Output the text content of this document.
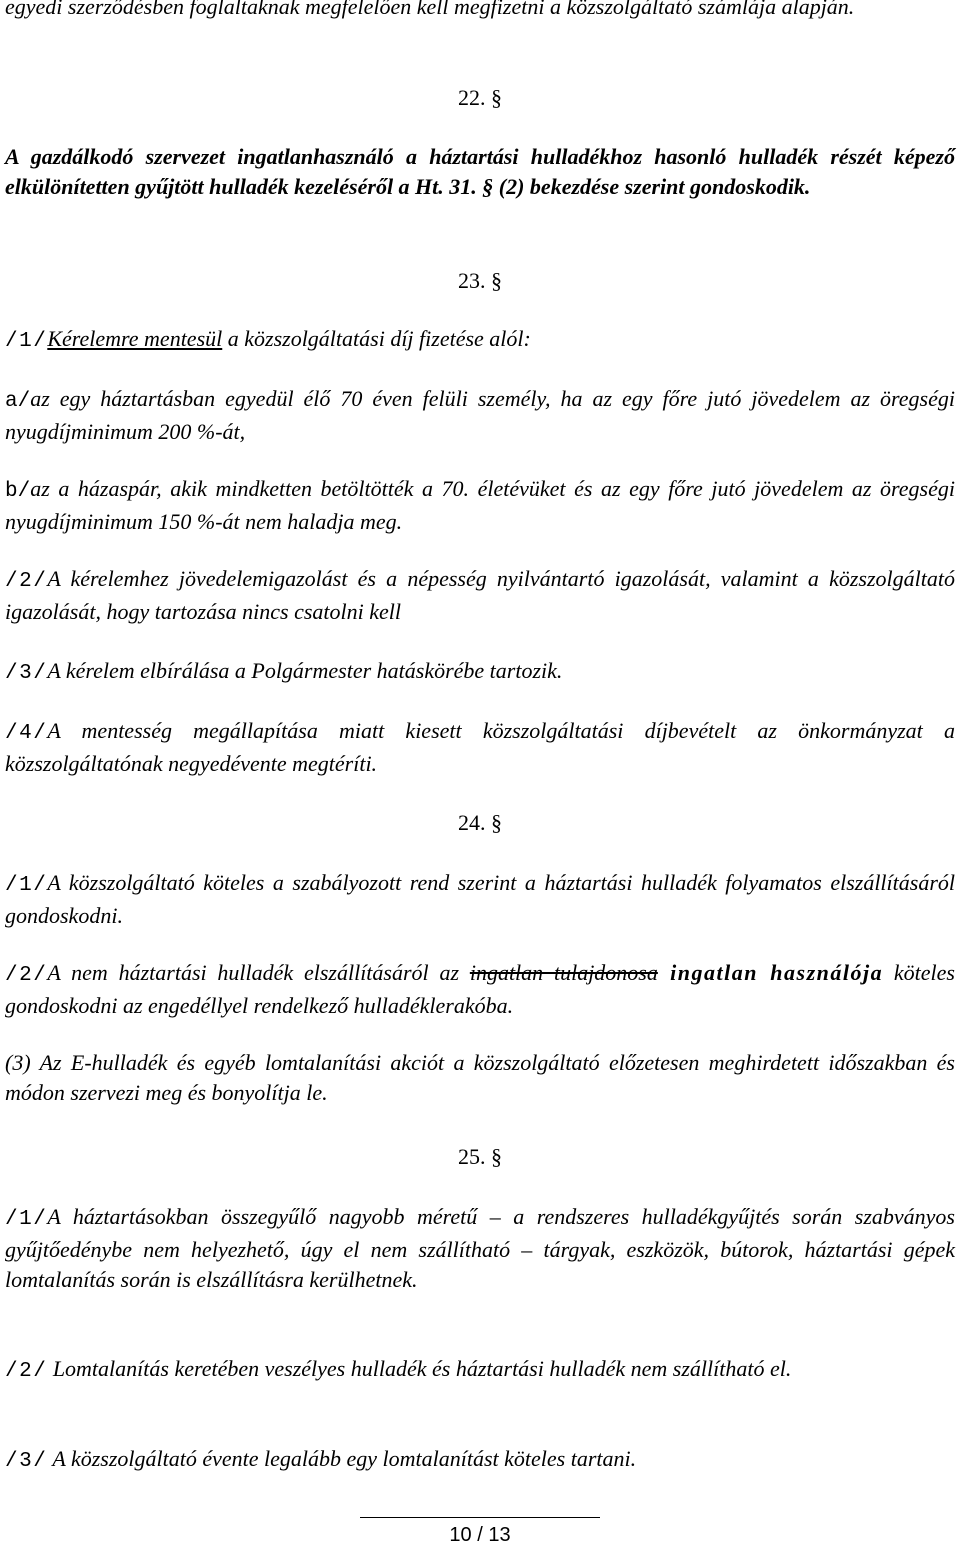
egyedi szerződésben foglaltaknak megfelelően kell megfizetni a közszolgáltató számlája alapján.

22. §

A gazdálkodó szervezet ingatlanhasználó a háztartási hulladékhoz hasonló hulladék részét képező elkülönítetten gyűjtött hulladék kezeléséről a Ht. 31. § (2) bekezdése szerint gondoskodik.

23. §

/1/Kérelemre mentesül a közszolgáltatási díj fizetése alól:

a/az egy háztartásban egyedül élő 70 éven felüli személy, ha az egy főre jutó jövedelem az öregségi nyugdíjminimum 200 %-át,

b/az a házaspár, akik mindketten betöltötték a 70. életévüket és az egy főre jutó jövedelem az öregségi nyugdíjminimum 150 %-át nem haladja meg.

/2/A kérelemhez jövedelemigazolást és a népesség nyilvántartó igazolását, valamint a közszolgáltató igazolását, hogy tartozása nincs csatolni kell

/3/A kérelem elbírálása a Polgármester hatáskörébe tartozik.

/4/A mentesség megállapítása miatt kiesett közszolgáltatási díjbevételt az önkormányzat a közszolgáltatónak negyedévente megtéríti.

24. §

/1/A közszolgáltató köteles a szabályozott rend szerint a háztartási hulladék folyamatos elszállításáról gondoskodni.

/2/A nem háztartási hulladék elszállításáról az ingatlan tulajdonosa ingatlan használója köteles gondoskodni az engedéllyel rendelkező hulladéklerakóba.

(3) Az E-hulladék és egyéb lomtalanítási akciót a közszolgáltató előzetesen meghirdetett időszakban és módon szervezi meg és bonyolítja le.

25. §

/1/A háztartásokban összegyűlő nagyobb méretű – a rendszeres hulladékgyűjtés során szabványos gyűjtőedénybe nem helyezhető, úgy el nem szállítható – tárgyak, eszközök, bútorok, háztartási gépek lomtalanítás során is elszállításra kerülhetnek.

/2/ Lomtalanítás keretében veszélyes hulladék és háztartási hulladék nem szállítható el.

/3/ A közszolgáltató évente legalább egy lomtalanítást köteles tartani.

10 / 13
